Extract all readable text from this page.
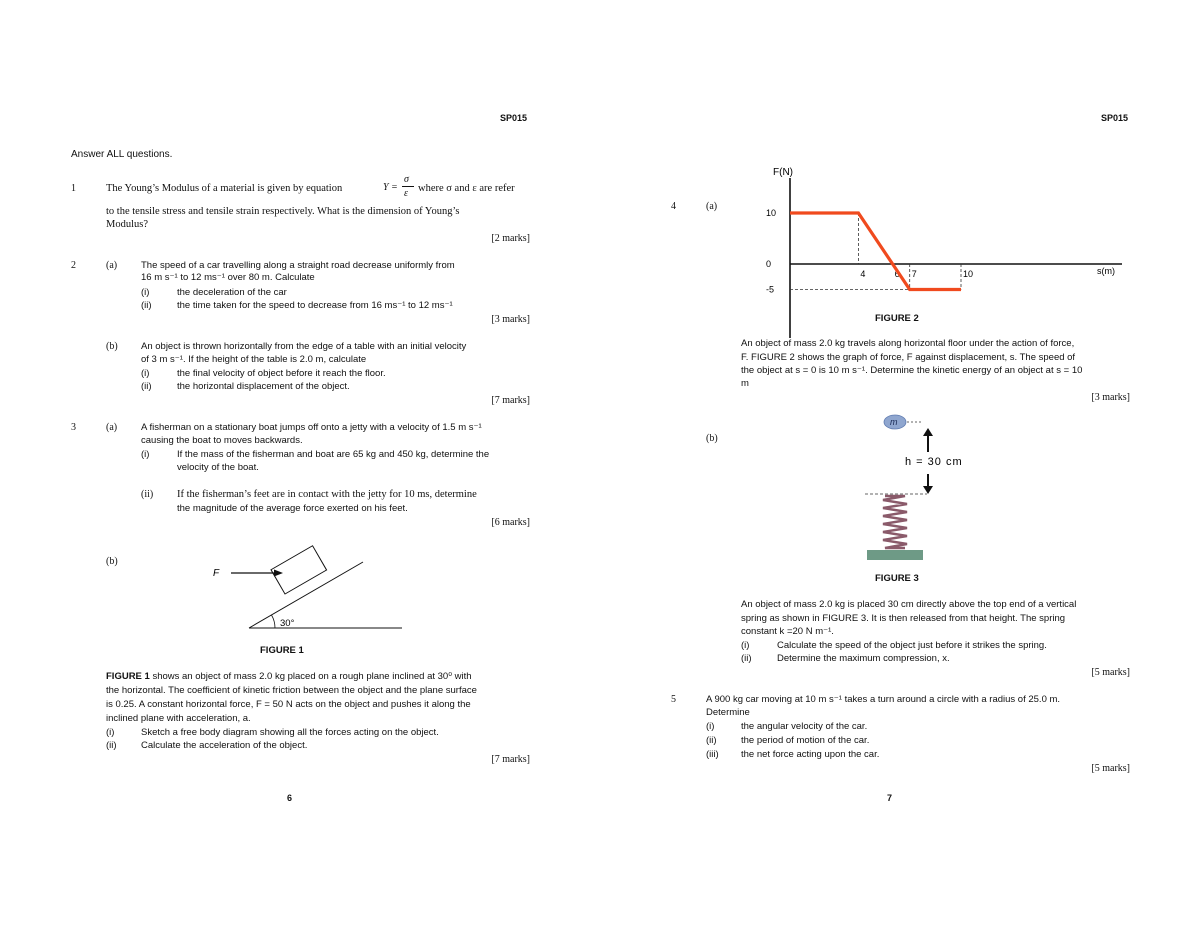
SP015
Answer ALL questions.
1	The Young’s Modulus of a material is given by equation	Y =
σ
ε where σ and ε are refer
to the tensile stress and tensile strain respectively. What is the dimension of Young’s
Modulus?
[2 marks]
2	(a)	The speed of a car travelling along a straight road decrease uniformly from
16 m s⁻¹ to 12 ms⁻¹ over 80 m. Calculate
(i)	the deceleration of the car
(ii)	the time taken for the speed to decrease from 16 ms⁻¹ to 12 ms⁻¹
[3 marks]
(b) An object is thrown horizontally from the edge of a table with an initial velocity
of 3 m s⁻¹. If the height of the table is 2.0 m, calculate
(i)	the final velocity of object before it reach the floor.
(ii)	the horizontal displacement of the object.
[7 marks]
3	(a)	A fisherman on a stationary boat jumps off onto a jetty with a velocity of 1.5 m s⁻¹
causing the boat to moves backwards.
(i)	If the mass of the fisherman and boat are 65 kg and 450 kg, determine the
velocity of the boat.
(ii) If the fisherman’s feet are in contact with the jetty for 10 ms, determine
the magnitude of the average force exerted on his feet.
[6 marks]
(b)
F
30°
FIGURE 1
FIGURE 1 shows an object of mass 2.0 kg placed on a rough plane inclined at 30⁰ with
the horizontal. The coefficient of kinetic friction between the object and the plane surface
is 0.25. A constant horizontal force, F = 50 N acts on the object and pushes it along the
inclined plane with acceleration, a.
(i)	Sketch a free body diagram showing all the forces acting on the object.
(ii)	Calculate the acceleration of the object.
[7 marks]
6
SP015
4	(a)
F(N)
s(m)
10
0
-5
4	6 7	10
FIGURE 2
An object of mass 2.0 kg travels along horizontal floor under the action of force,
F. FIGURE 2 shows the graph of force, F against displacement, s. The speed of
the object at s = 0 is 10 m s⁻¹. Determine the kinetic energy of an object at s = 10
m
[3 marks]
(b)
m
h = 30 cm
FIGURE 3
An object of mass 2.0 kg is placed 30 cm directly above the top end of a vertical
spring as shown in FIGURE 3. It is then released from that height. The spring
constant k =20 N m⁻¹.
(i)	Calculate the speed of the object just before it strikes the spring.
(ii)	Determine the maximum compression, x.
[5 marks]
5	A 900 kg car moving at 10 m s⁻¹ takes a turn around a circle with a radius of 25.0 m.
Determine
(i)	the angular velocity of the car.
(ii)	the period of motion of the car.
(iii) the net force acting upon the car.
[5 marks]
7
